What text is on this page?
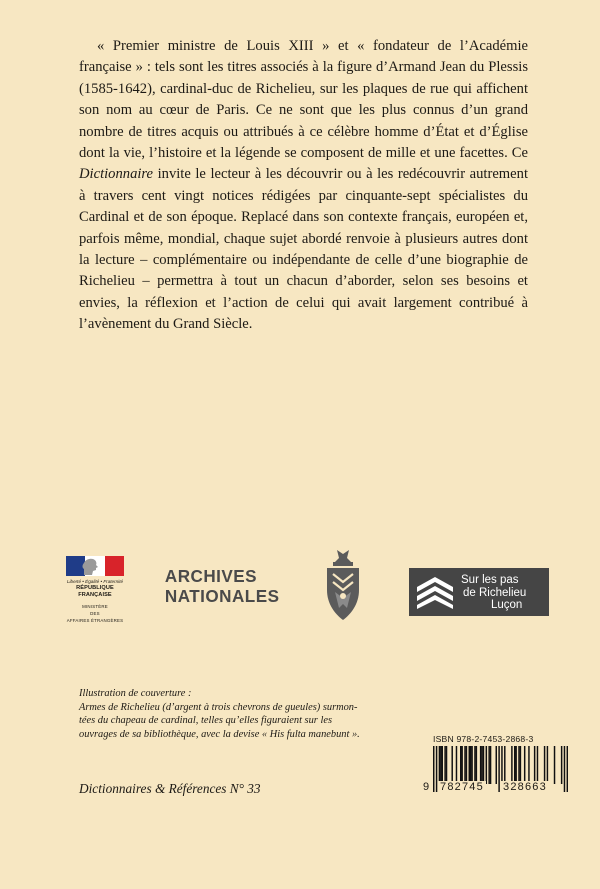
« Premier ministre de Louis XIII » et « fondateur de l’Académie française » : tels sont les titres associés à la figure d’Armand Jean du Plessis (1585-1642), cardinal-duc de Richelieu, sur les plaques de rue qui affichent son nom au cœur de Paris. Ce ne sont que les plus connus d’un grand nombre de titres acquis ou attribués à ce célèbre homme d’État et d’Église dont la vie, l’histoire et la légende se composent de mille et une facettes. Ce Dictionnaire invite le lecteur à les découvrir ou à les redécouvrir autrement à travers cent vingt notices rédigées par cinquante-sept spécialistes du Cardinal et de son époque. Replacé dans son contexte français, européen et, parfois même, mondial, chaque sujet abordé renvoie à plusieurs autres dont la lecture – complémentaire ou indépendante de celle d’une biographie de Richelieu – permettra à tout un chacun d’aborder, selon ses besoins et envies, la réflexion et l’action de celui qui avait largement contribué à l’avènement du Grand Siècle.

Liberté • Égalité • Fraternité
RÉPUBLIQUE FRANÇAISE
MINISTÈRE
DES
AFFAIRES ÉTRANGÈRES
ARCHIVES
NATIONALES
Sur les pas
de Richelieu
Luçon
Illustration de couverture :
Armes de Richelieu (d’argent à trois chevrons de gueules) surmon-
tées du chapeau de cardinal, telles qu’elles figuraient sur les
ouvrages de sa bibliothèque, avec la devise « His fulta manebunt ».
Dictionnaires & Références N° 33
ISBN 978-2-7453-2868-3
9 782745 328663
